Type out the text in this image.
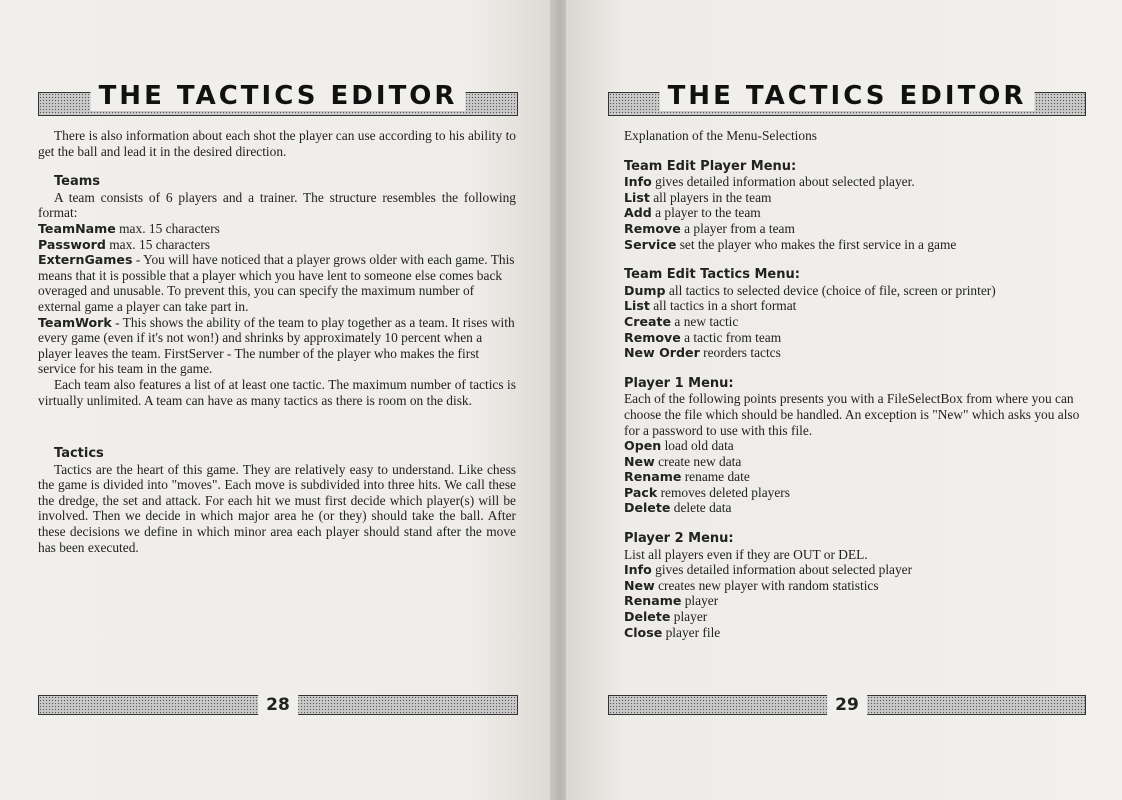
THE TACTICS EDITOR

There is also information about each shot the player can use according to his ability to get the ball and lead it in the desired direction.

Teams

A team consists of 6 players and a trainer. The structure resembles the following format:

TeamName max. 15 characters

Password max. 15 characters

ExternGames - You will have noticed that a player grows older with each game. This means that it is possible that a player which you have lent to someone else comes back overaged and unusable. To prevent this, you can specify the maximum number of external game a player can take part in.

TeamWork - This shows the ability of the team to play together as a team. It rises with every game (even if it's not won!) and shrinks by approximately 10 percent when a player leaves the team. FirstServer - The number of the player who makes the first service for his team in the game.

Each team also features a list of at least one tactic. The maximum number of tactics is virtually unlimited. A team can have as many tactics as there is room on the disk.

Tactics

Tactics are the heart of this game. They are relatively easy to understand. Like chess the game is divided into "moves". Each move is subdivided into three hits. We call these the dredge, the set and attack. For each hit we must first decide which player(s) will be involved. Then we decide in which major area he (or they) should take the ball. After these decisions we define in which minor area each player should stand after the move has been executed.

28
THE TACTICS EDITOR

Explanation of the Menu-Selections

Team Edit Player Menu:

Info gives detailed information about selected player.

List all players in the team

Add a player to the team

Remove a player from a team

Service set the player who makes the first service in a game

Team Edit Tactics Menu:

Dump all tactics to selected device (choice of file, screen or printer)

List all tactics in a short format

Create a new tactic

Remove a tactic from team

New Order reorders tactcs

Player 1 Menu:

Each of the following points presents you with a FileSelectBox from where you can choose the file which should be handled. An exception is "New" which asks you also for a password to use with this file.

Open load old data

New create new data

Rename rename date

Pack removes deleted players

Delete delete data

Player 2 Menu:

List all players even if they are OUT or DEL.

Info gives detailed information about selected player

New creates new player with random statistics

Rename player

Delete player

Close player file

29
